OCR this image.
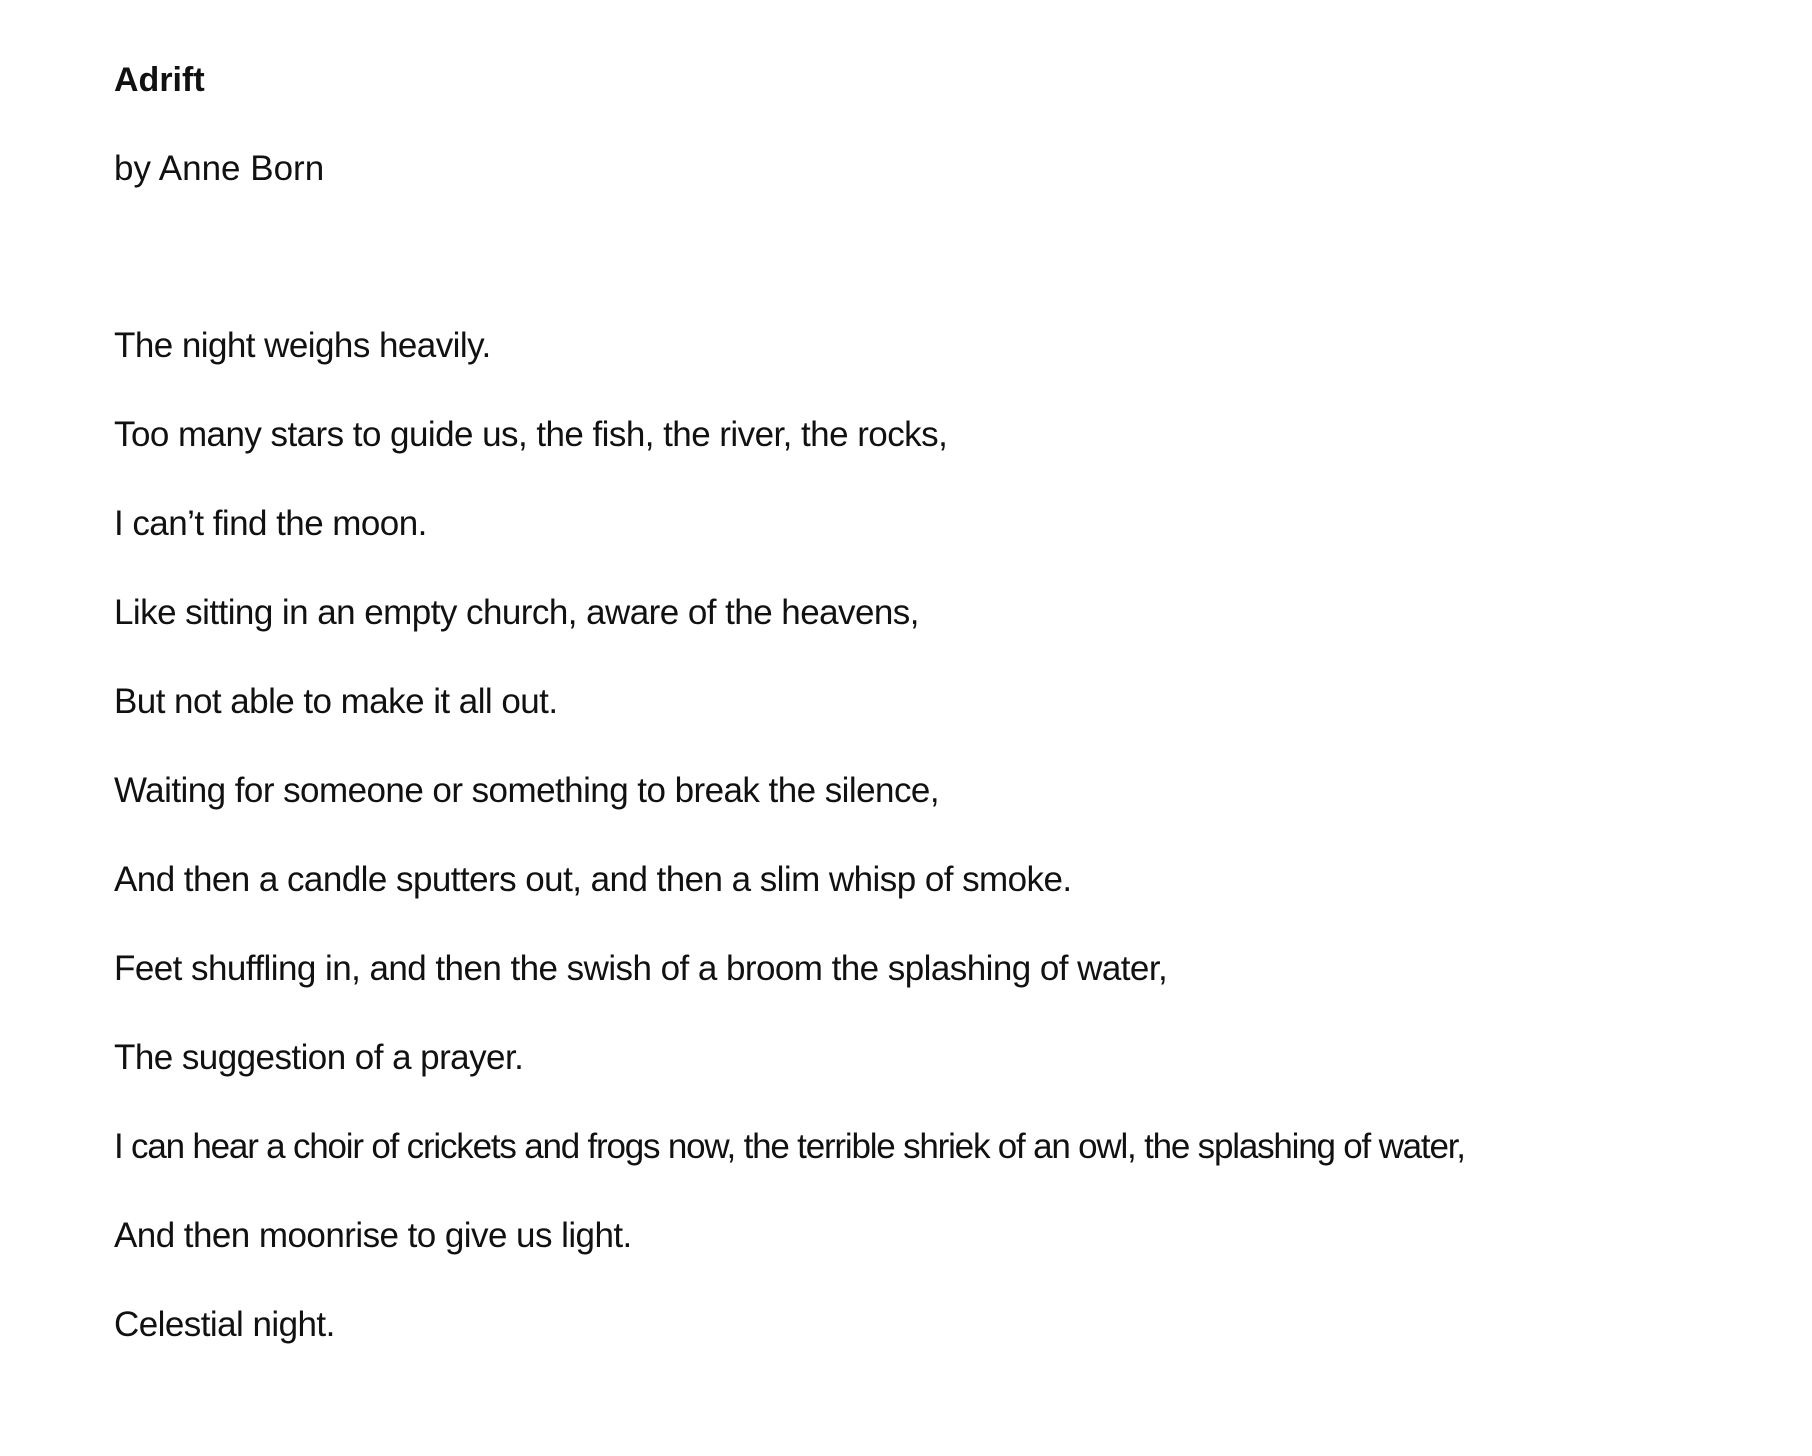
Adrift

by Anne Born

The night weighs heavily.
Too many stars to guide us, the fish, the river, the rocks,
I can’t find the moon.
Like sitting in an empty church, aware of the heavens,
But not able to make it all out.
Waiting for someone or something to break the silence,
And then a candle sputters out, and then a slim whisp of smoke.
Feet shuffling in, and then the swish of a broom the splashing of water,
The suggestion of a prayer.
I can hear a choir of crickets and frogs now, the terrible shriek of an owl, the splashing of water,
And then moonrise to give us light.
Celestial night.
